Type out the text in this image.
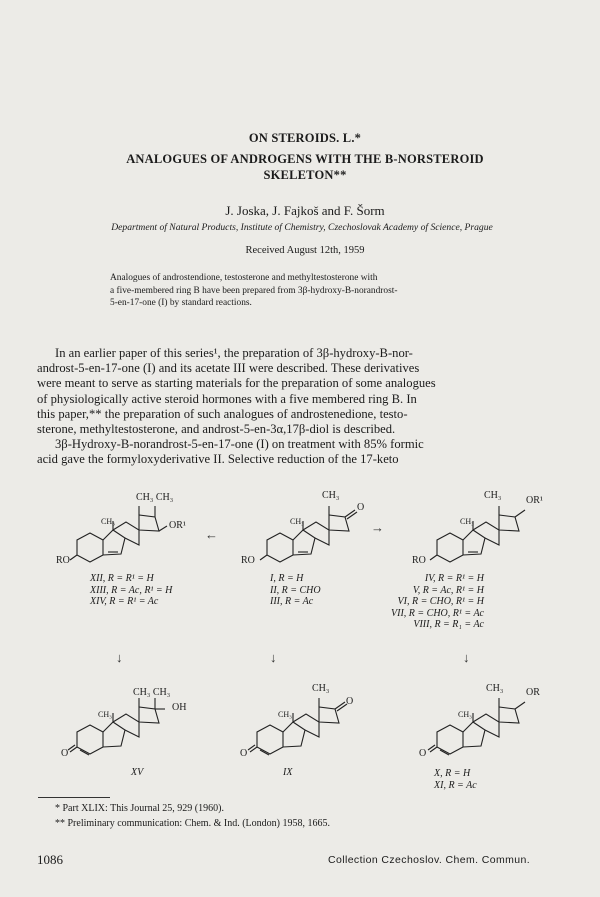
ON STEROIDS. L.*
ANALOGUES OF ANDROGENS WITH THE B-NORSTEROID
SKELETON**
J. Joska, J. Fajkoš and F. Šorm
Department of Natural Products, Institute of Chemistry, Czechoslovak Academy of Science, Prague
Received August 12th, 1959
Analogues of androstendione, testosterone and methyltestosterone with
a five-membered ring B have been prepared from 3β-hydroxy-B-norandrost-
5-en-17-one (I) by standard reactions.
In an earlier paper of this series¹, the preparation of 3β-hydroxy-B-nor-
androst-5-en-17-one (I) and its acetate III were described. These derivatives
were meant to serve as starting materials for the preparation of some analogues
of physiologically active steroid hormones with a five membered ring B. In
this paper,** the preparation of such analogues of androstenedione, testo-
sterone, methyltestosterone, and androst-5-en-3α,17β-diol is described.
3β-Hydroxy-B-norandrost-5-en-17-one (I) on treatment with 85% formic
acid gave the formyloxyderivative II. Selective reduction of the 17-keto
CH₃ CH₃
OR¹
CH₃
RO
CH₃
O
CH₃
RO
CH₃ OR¹
CH₃
RO
←	→
XII, R = R¹ = H
XIII, R = Ac, R¹ = H
XIV, R = R¹ = Ac
I, R = H
II, R = CHO
III, R = Ac
IV, R = R¹ = H
V, R = Ac, R¹ = H
VI, R = CHO, R¹ = H
VII, R = CHO, R¹ = Ac
VIII, R = R₁ = Ac
↓	↓	↓
CH₃ CH₃
OH
CH₃
O
CH₃
O
CH₃
O
CH₃ OR
CH₃
O
XV	IX	X, R = H
XI, R = Ac
* Part XLIX: This Journal 25, 929 (1960).
** Preliminary communication: Chem. & Ind. (London) 1958, 1665.
1086	Collection Czechoslov. Chem. Commun.
